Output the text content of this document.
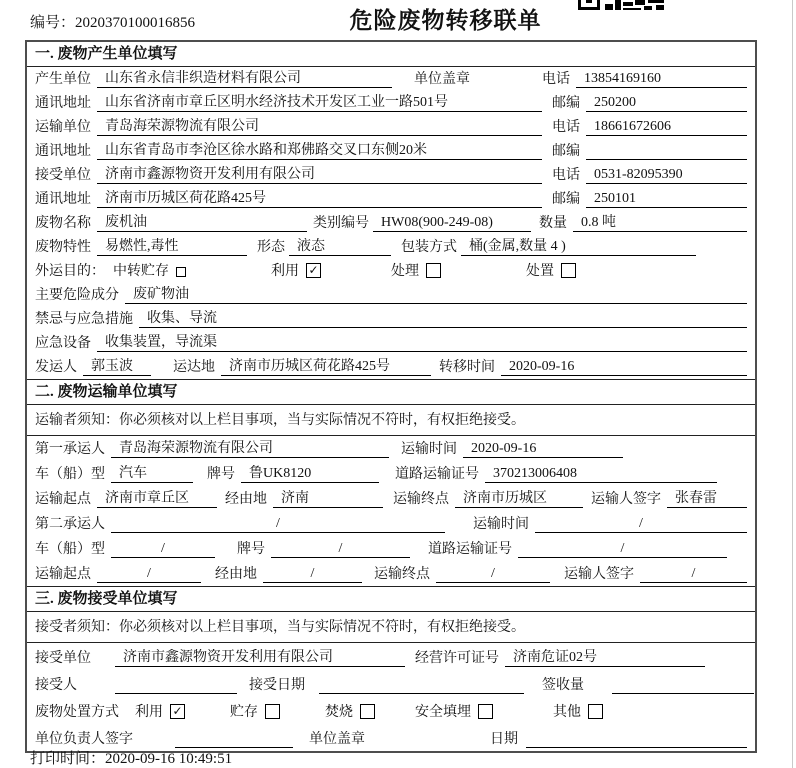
编号：2020370100016856	危险废物转移联单
一. 废物产生单位填写
产生单位	山东省永信非织造材料有限公司	单位盖章	电话	13854169160
通讯地址	山东省济南市章丘区明水经济技术开发区工业一路501号	邮编	250200
运输单位	青岛海荣源物流有限公司	电话	18661672606
通讯地址	山东省青岛市李沧区徐水路和郑佛路交叉口东侧20米	邮编
接受单位	济南市鑫源物资开发利用有限公司	电话	0531-82095390
通讯地址	济南市历城区荷花路425号	邮编	250101
废物名称	废机油	类别编号 HW08(900-249-08)	数量	0.8 吨
废物特性	易燃性,毒性	形态 液态	包装方式 桶(金属,数量 4 )
外运目的： 中转贮存	利用 ✓	处理	处置
主要危险成分	废矿物油
禁忌与应急措施	收集、导流
应急设备	收集装置，导流渠
发运人	郭玉波	运达地	济南市历城区荷花路425号	转移时间	2020-09-16
二. 废物运输单位填写
运输者须知：你必须核对以上栏目事项，当与实际情况不符时，有权拒绝接受。
第一承运人	青岛海荣源物流有限公司	运输时间	2020-09-16
车（船）型	汽车	牌号	鲁UK8120	道路运输证号	370213006408
运输起点	济南市章丘区	经由地	济南	运输终点	济南市历城区	运输人签字	张春雷
第二承运人	/	运输时间	/
车（船）型	/	牌号	/	道路运输证号	/
运输起点	/	经由地	/	运输终点	/	运输人签字	/
三. 废物接受单位填写
接受者须知：你必须核对以上栏目事项，当与实际情况不符时，有权拒绝接受。
接受单位	济南市鑫源物资开发利用有限公司	经营许可证号	济南危证02号
接受人	接受日期	签收量
废物处置方式 利用 ✓	贮存	焚烧	安全填埋	其他
单位负责人签字	单位盖章	日期
打印时间：2020-09-16 10:49:51
